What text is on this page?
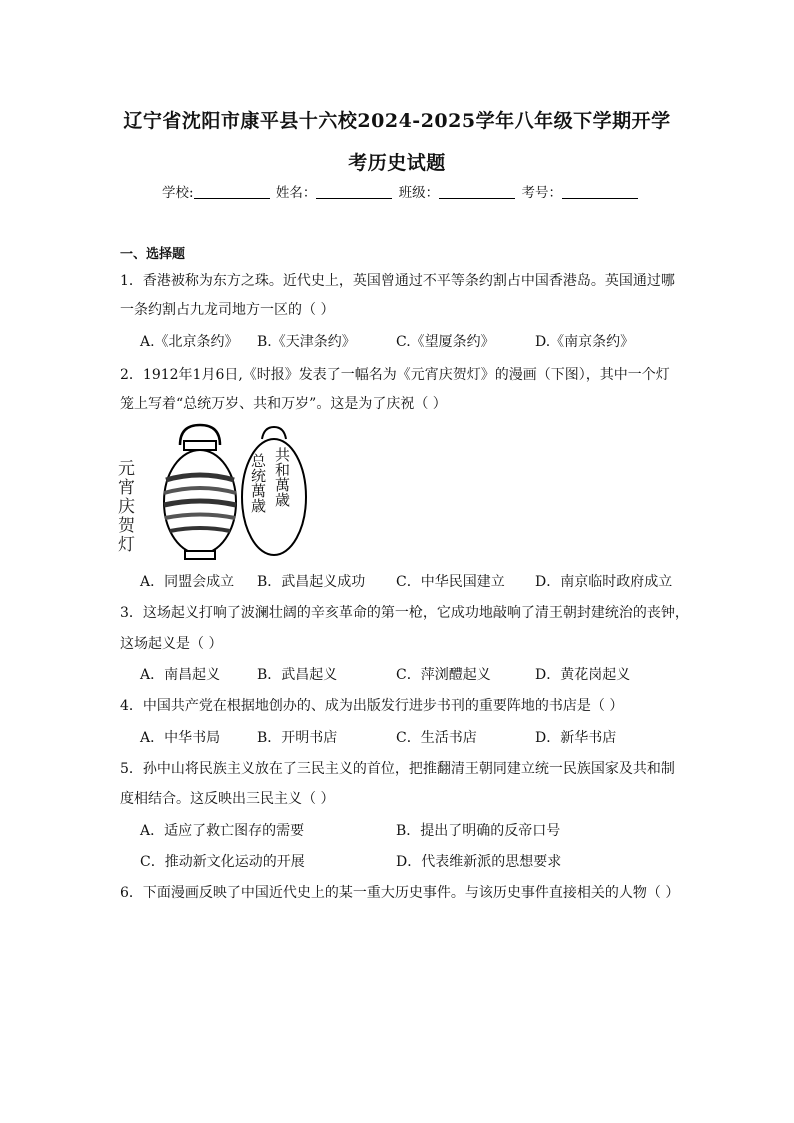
辽宁省沈阳市康平县十六校2024-2025学年八年级下学期开学
考历史试题
学校:	姓名：	班级：	考号：
一、选择题
1．香港被称为东方之珠。近代史上，英国曾通过不平等条约割占中国香港岛。英国通过哪
一条约割占九龙司地方一区的（ ）
A.《北京条约》 B.《天津条约》	C.《望厦条约》	D.《南京条约》
2．1912年1月6日,《时报》发表了一幅名为《元宵庆贺灯》的漫画（下图），其中一个灯
笼上写着“总统万岁、共和万岁”。这是为了庆祝（ ）
元宵庆贺灯	共和萬歳
总统萬歳
A．同盟会成立 B．武昌起义成功 C．中华民国建立 D．南京临时政府成立
3．这场起义打响了波澜壮阔的辛亥革命的第一枪，它成功地敲响了清王朝封建统治的丧钟，
这场起义是（ ）
A．南昌起义	B．武昌起义	C．萍浏醴起义	D．黄花岗起义
4．中国共产党在根据地创办的、成为出版发行进步书刊的重要阵地的书店是（ ）
A．中华书局	B．开明书店	C．生活书店	D．新华书店
5．孙中山将民族主义放在了三民主义的首位，把推翻清王朝同建立统一民族国家及共和制
度相结合。这反映出三民主义（ ）
A．适应了救亡图存的需要	B．提出了明确的反帝口号
C．推动新文化运动的开展	D．代表维新派的思想要求
6．下面漫画反映了中国近代史上的某一重大历史事件。与该历史事件直接相关的人物（ ）
